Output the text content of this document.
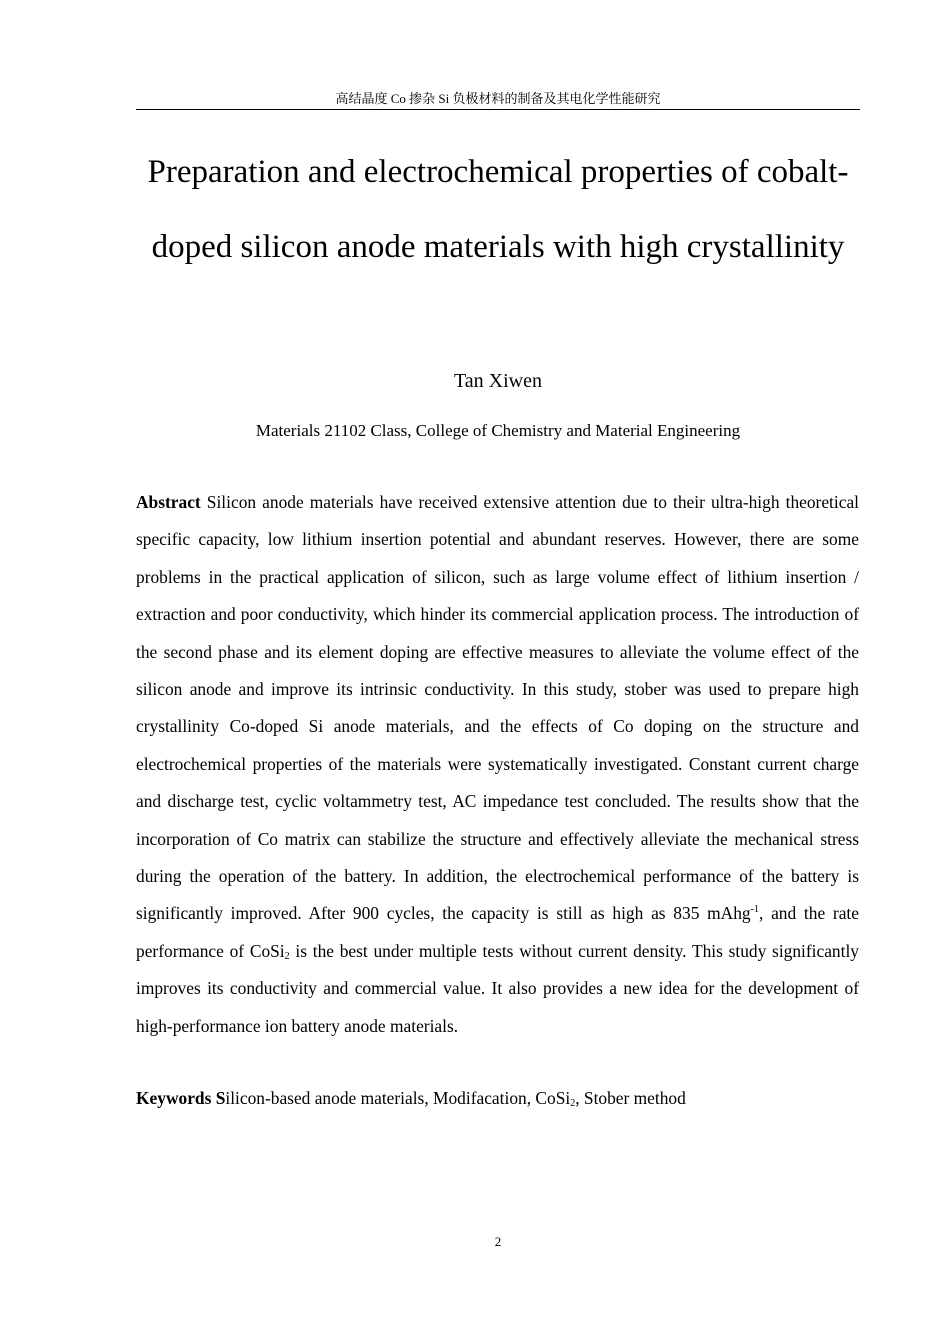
高结晶度 Co 掺杂 Si 负极材料的制备及其电化学性能研究
Preparation and electrochemical properties of cobalt-doped silicon anode materials with high crystallinity
Tan Xiwen
Materials 21102 Class, College of Chemistry and Material Engineering

Abstract Silicon anode materials have received extensive attention due to their ultra-high theoretical specific capacity, low lithium insertion potential and abundant reserves. However, there are some problems in the practical application of silicon, such as large volume effect of lithium insertion / extraction and poor conductivity, which hinder its commercial application process. The introduction of the second phase and its element doping are effective measures to alleviate the volume effect of the silicon anode and improve its intrinsic conductivity. In this study, stober was used to prepare high crystallinity Co-doped Si anode materials, and the effects of Co doping on the structure and electrochemical properties of the materials were systematically investigated. Constant current charge and discharge test, cyclic voltammetry test, AC impedance test concluded. The results show that the incorporation of Co matrix can stabilize the structure and effectively alleviate the mechanical stress during the operation of the battery. In addition, the electrochemical performance of the battery is significantly improved. After 900 cycles, the capacity is still as high as 835 mAhg$^{-1}$, and the rate performance of CoSi$_2$ is the best under multiple tests without current density. This study significantly improves its conductivity and commercial value. It also provides a new idea for the development of high-performance ion battery anode materials.

Keywords Silicon-based anode materials, Modifacation, CoSi$_2$, Stober method

2
